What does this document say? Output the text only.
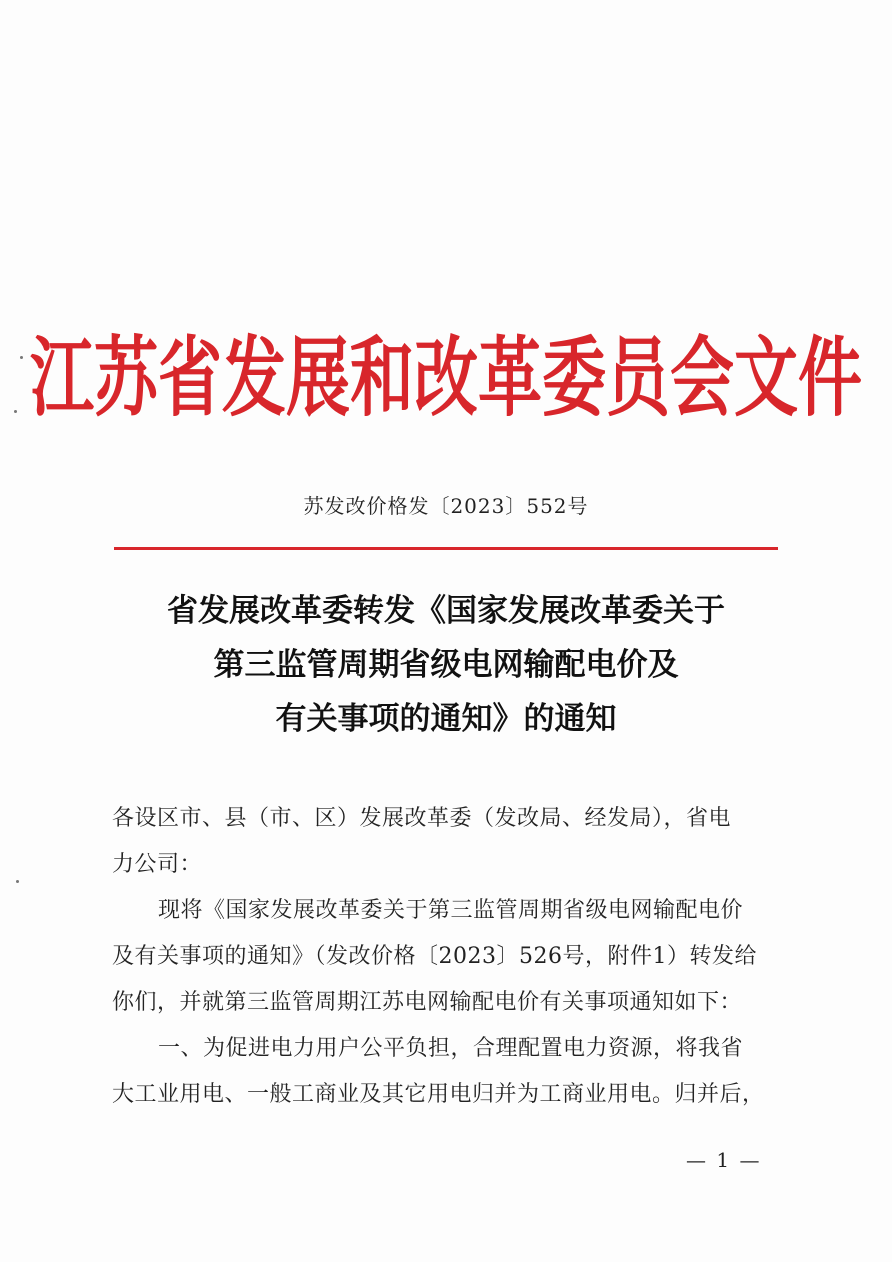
江苏省发展和改革委员会文件
苏发改价格发〔2023〕552号
省发展改革委转发《国家发展改革委关于
第三监管周期省级电网输配电价及
有关事项的通知》的通知

各设区市、县（市、区）发展改革委（发改局、经发局），省电

力公司：

现将《国家发展改革委关于第三监管周期省级电网输配电价

及有关事项的通知》（发改价格〔2023〕526号，附件1）转发给

你们，并就第三监管周期江苏电网输配电价有关事项通知如下：

一、为促进电力用户公平负担，合理配置电力资源，将我省

大工业用电、一般工商业及其它用电归并为工商业用电。归并后，

— 1 —
